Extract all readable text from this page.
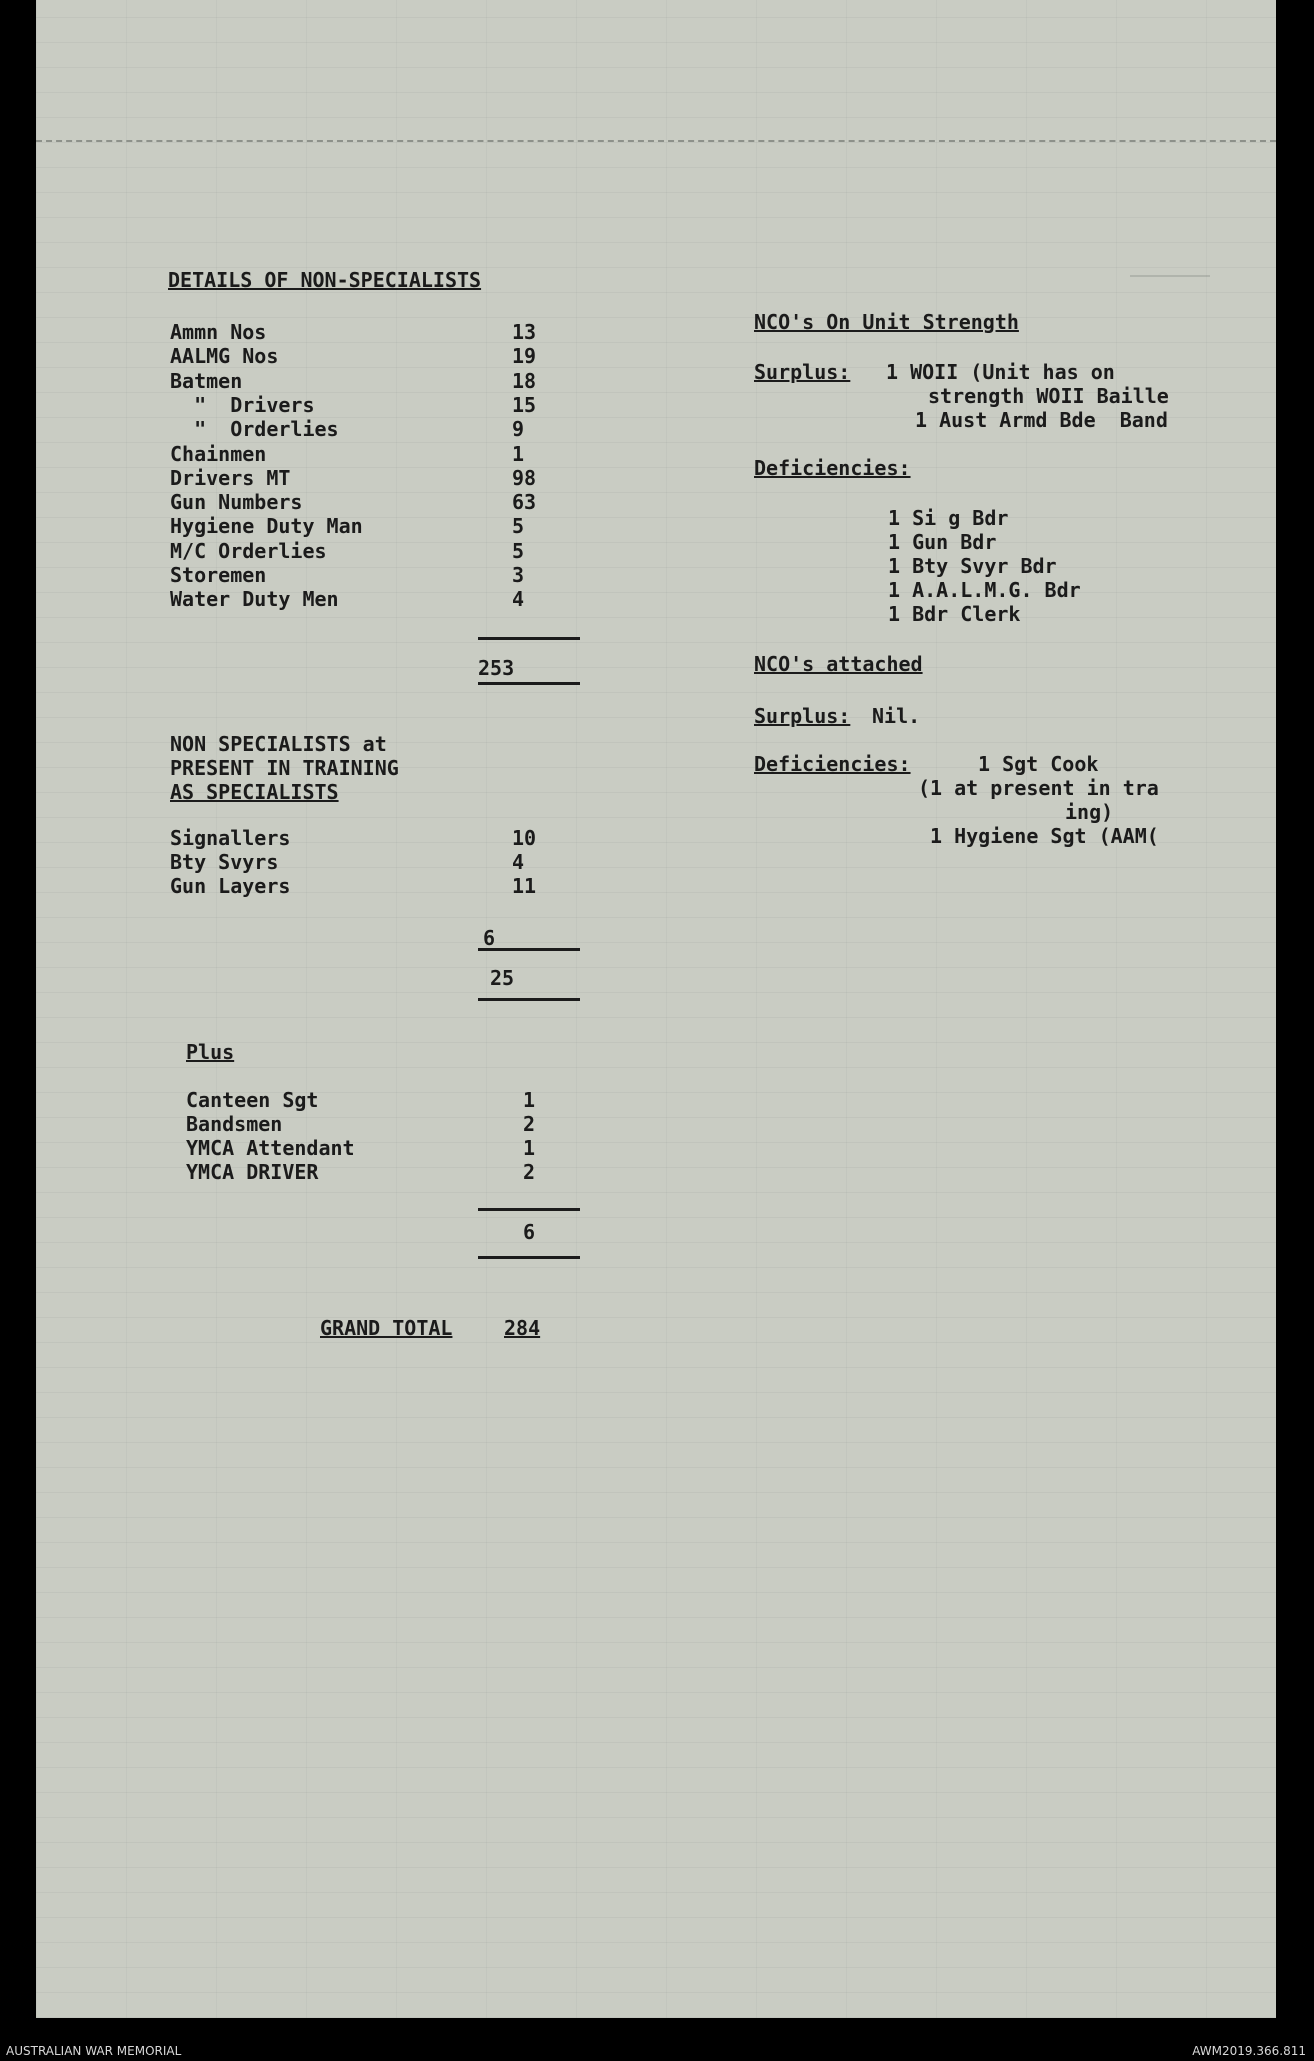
DETAILS OF NON-SPECIALISTS
Ammn Nos	13
AALMG Nos	19
Batmen	18
"  Drivers	15
"  Orderlies	9
Chainmen	1
Drivers MT	98
Gun Numbers	63
Hygiene Duty Man	5
M/C Orderlies	5
Storemen	3
Water Duty Men	4
253
NON SPECIALISTS at
PRESENT IN TRAINING
AS SPECIALISTS
Signallers	10
Bty Svyrs	4
Gun Layers	11
6
25
Plus
Canteen Sgt	1
Bandsmen	2
YMCA Attendant	1
YMCA DRIVER	2
6
GRAND TOTAL	284
NCO's On Unit Strength
Surplus: 1 WOII (Unit has on
strength WOII Baille
1 Aust Armd Bde  Band
Deficiencies:
1 Si g Bdr
1 Gun Bdr
1 Bty Svyr Bdr
1 A.A.L.M.G. Bdr
1 Bdr Clerk
NCO's attached
Surplus: Nil.
Deficiencies:	1 Sgt Cook
(1 at present in tra
ing)
1 Hygiene Sgt (AAM(
AUSTRALIAN WAR MEMORIAL	AWM2019.366.811
